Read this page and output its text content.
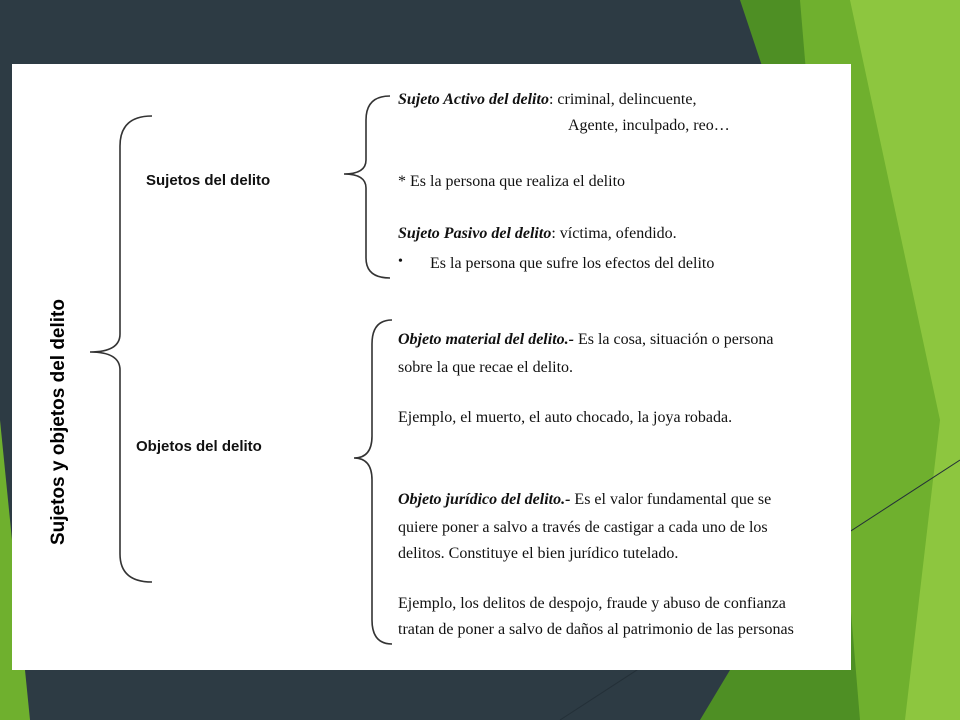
Sujetos y objetos del delito
Sujetos del delito
Objetos del delito
Sujeto Activo del delito: criminal, delincuente,
Agente, inculpado, reo…
* Es la persona que realiza el delito
Sujeto Pasivo del delito: víctima, ofendido.
• Es la persona que sufre los efectos del delito
Objeto material del delito.- Es la cosa, situación o persona
sobre la que recae el delito.
Ejemplo, el muerto, el auto chocado, la joya robada.
Objeto jurídico del delito.- Es el valor fundamental que se
quiere poner a salvo a través de castigar a cada uno de los
delitos. Constituye el bien jurídico tutelado.
Ejemplo, los delitos de despojo, fraude y abuso de confianza
tratan de poner a salvo de daños al patrimonio de las personas
